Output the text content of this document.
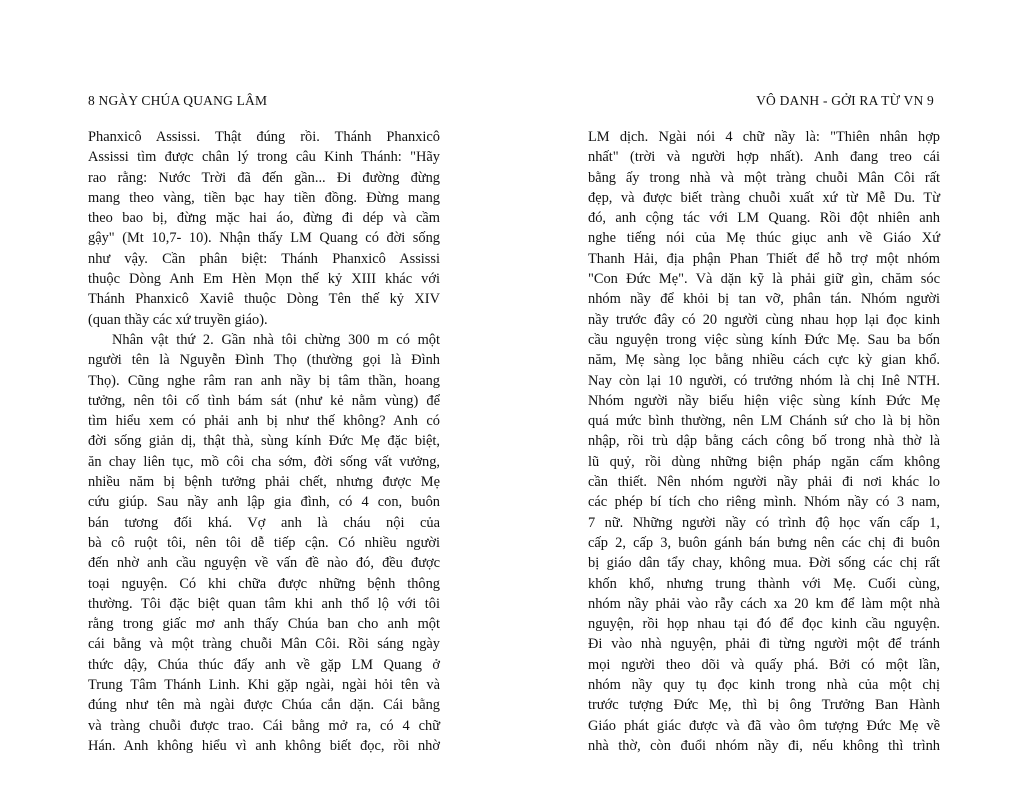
8 NGÀY CHÚA QUANG LÂM
Phanxicô Assissi. Thật đúng rồi. Thánh Phanxicô
Assissi tìm được chân lý trong câu Kinh Thánh: "Hãy
rao rằng: Nước Trời đã đến gần... Đi đường đừng
mang theo vàng, tiền bạc hay tiền đồng. Đừng mang
theo bao bị, đừng mặc hai áo, đừng đi dép và cầm
gậy" (Mt 10,7- 10). Nhận thấy LM Quang có đời sống
như vậy. Cần phân biệt: Thánh Phanxicô Assissi
thuộc Dòng Anh Em Hèn Mọn thế kỷ XIII khác với
Thánh Phanxicô Xaviê thuộc Dòng Tên thế kỷ XIV
(quan thầy các xứ truyền giáo).
Nhân vật thứ 2. Gần nhà tôi chừng 300 m có một
người tên là Nguyễn Đình Thọ (thường gọi là Đình
Thọ). Cũng nghe râm ran anh nầy bị tâm thần, hoang
tưởng, nên tôi cố tình bám sát (như kẻ nằm vùng) để
tìm hiểu xem có phải anh bị như thế không? Anh có
đời sống giản dị, thật thà, sùng kính Đức Mẹ đặc biệt,
ăn chay liên tục, mồ côi cha sớm, đời sống vất vưởng,
nhiều năm bị bệnh tưởng phải chết, nhưng được Mẹ
cứu giúp. Sau nầy anh lập gia đình, có 4 con, buôn
bán tương đối khá. Vợ anh là cháu nội của
bà cô ruột tôi, nên tôi dễ tiếp cận. Có nhiều người
đến nhờ anh cầu nguyện về vấn đề nào đó, đều được
toại nguyện. Có khi chữa được những bệnh thông
thường. Tôi đặc biệt quan tâm khi anh thổ lộ với tôi
rằng trong giấc mơ anh thấy Chúa ban cho anh một
cái bằng và một tràng chuỗi Mân Côi. Rồi sáng ngày
thức dậy, Chúa thúc đẩy anh về gặp LM Quang ở
Trung Tâm Thánh Linh. Khi gặp ngài, ngài hỏi tên và
đúng như tên mà ngài được Chúa cắn dặn. Cái bằng
và tràng chuỗi được trao. Cái bằng mở ra, có 4 chữ
Hán. Anh không hiểu vì anh không biết đọc, rồi nhờ
VÔ DANH - GỞI RA TỪ VN 9
LM dịch. Ngài nói 4 chữ nầy là: "Thiên nhân hợp
nhất" (trời và người hợp nhất). Anh đang treo cái
bằng ấy trong nhà và một tràng chuỗi Mân Côi rất
đẹp, và được biết tràng chuỗi xuất xứ từ Mễ Du. Từ
đó, anh cộng tác với LM Quang. Rồi đột nhiên anh
nghe tiếng nói của Mẹ thúc giục anh về Giáo Xứ
Thanh Hải, địa phận Phan Thiết để hỗ trợ một nhóm
"Con Đức Mẹ". Và dặn kỹ là phải giữ gìn, chăm sóc
nhóm nầy để khỏi bị tan vỡ, phân tán. Nhóm người
nầy trước đây có 20 người cùng nhau họp lại đọc kinh
cầu nguyện trong việc sùng kính Đức Mẹ. Sau ba bốn
năm, Mẹ sàng lọc bằng nhiều cách cực kỳ gian khổ.
Nay còn lại 10 người, có trưởng nhóm là chị Inê NTH.
Nhóm người nầy biểu hiện việc sùng kính Đức Mẹ
quá mức bình thường, nên LM Chánh sứ cho là bị hồn
nhập, rồi trù dập bằng cách công bố trong nhà thờ là
lũ quỷ, rồi dùng những biện pháp ngăn cấm không
cần thiết. Nên nhóm người nầy phải đi nơi khác lo
các phép bí tích cho riêng mình. Nhóm nầy có 3 nam,
7 nữ. Những người nầy có trình độ học vấn cấp 1,
cấp 2, cấp 3, buôn gánh bán bưng nên các chị đi buôn
bị giáo dân tẩy chay, không mua. Đời sống các chị rất
khốn khổ, nhưng trung thành với Mẹ. Cuối cùng,
nhóm nầy phải vào rẫy cách xa 20 km để làm một nhà
nguyện, rồi họp nhau tại đó để đọc kinh cầu nguyện.
Đi vào nhà nguyện, phải đi từng người một để tránh
mọi người theo dõi và quấy phá. Bởi có một lần,
nhóm nầy quy tụ đọc kinh trong nhà của một chị
trước tượng Đức Mẹ, thì bị ông Trưởng Ban Hành
Giáo phát giác được và đã vào ôm tượng Đức Mẹ về
nhà thờ, còn đuổi nhóm nầy đi, nếu không thì trình
